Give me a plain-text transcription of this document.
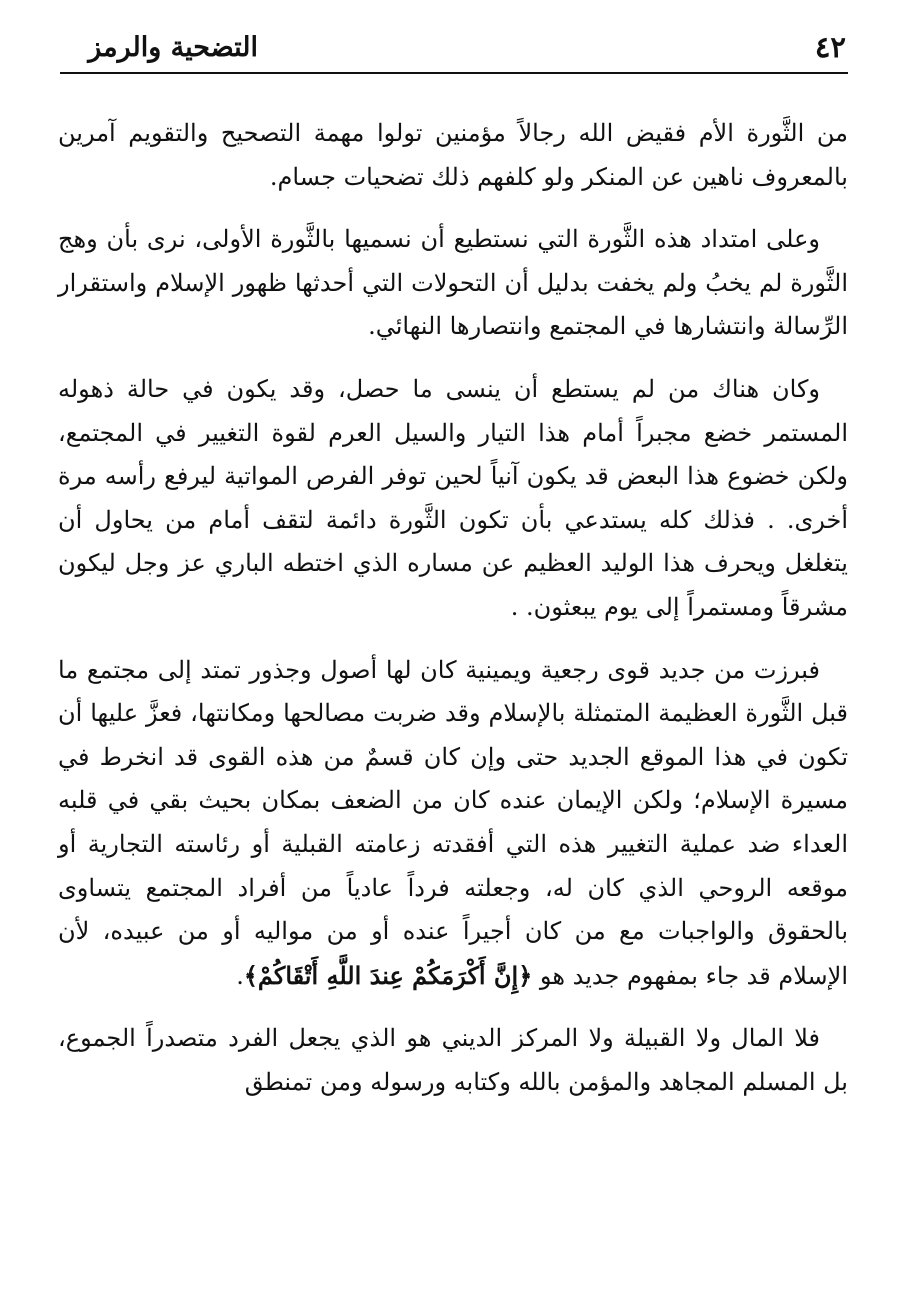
٤٢
التضحية والرمز

من الثَّورة الأم فقيض الله رجالاً مؤمنين تولوا مهمة التصحيح والتقويم آمرين بالمعروف ناهين عن المنكر ولو كلفهم ذلك تضحيات جسام.

وعلى امتداد هذه الثَّورة التي نستطيع أن نسميها بالثَّورة الأولى، نرى بأن وهج الثَّورة لم يخبُ ولم يخفت بدليل أن التحولات التي أحدثها ظهور الإسلام واستقرار الرِّسالة وانتشارها في المجتمع وانتصارها النهائي.

وكان هناك من لم يستطع أن ينسى ما حصل، وقد يكون في حالة ذهوله المستمر خضع مجبراً أمام هذا التيار والسيل العرم لقوة التغيير في المجتمع، ولكن خضوع هذا البعض قد يكون آنياً لحين توفر الفرص المواتية ليرفع رأسه مرة أخرى. . فذلك كله يستدعي بأن تكون الثَّورة دائمة لتقف أمام من يحاول أن يتغلغل ويحرف هذا الوليد العظيم عن مساره الذي اختطه الباري عز وجل ليكون مشرقاً ومستمراً إلى يوم يبعثون. .

فبرزت من جديد قوى رجعية ويمينية كان لها أصول وجذور تمتد إلى مجتمع ما قبل الثَّورة العظيمة المتمثلة بالإسلام وقد ضربت مصالحها ومكانتها، فعزَّ عليها أن تكون في هذا الموقع الجديد حتى وإن كان قسمٌ من هذه القوى قد انخرط في مسيرة الإسلام؛ ولكن الإيمان عنده كان من الضعف بمكان بحيث بقي في قلبه العداء ضد عملية التغيير هذه التي أفقدته زعامته القبلية أو رئاسته التجارية أو موقعه الروحي الذي كان له، وجعلته فرداً عادياً من أفراد المجتمع يتساوى بالحقوق والواجبات مع من كان أجيراً عنده أو من مواليه أو من عبيده، لأن الإسلام قد جاء بمفهوم جديد هو ﴿إِنَّ أَكْرَمَكُمْ عِندَ اللَّهِ أَتْقَاكُمْ﴾.

فلا المال ولا القبيلة ولا المركز الديني هو الذي يجعل الفرد متصدراً الجموع، بل المسلم المجاهد والمؤمن بالله وكتابه ورسوله ومن تمنطق
